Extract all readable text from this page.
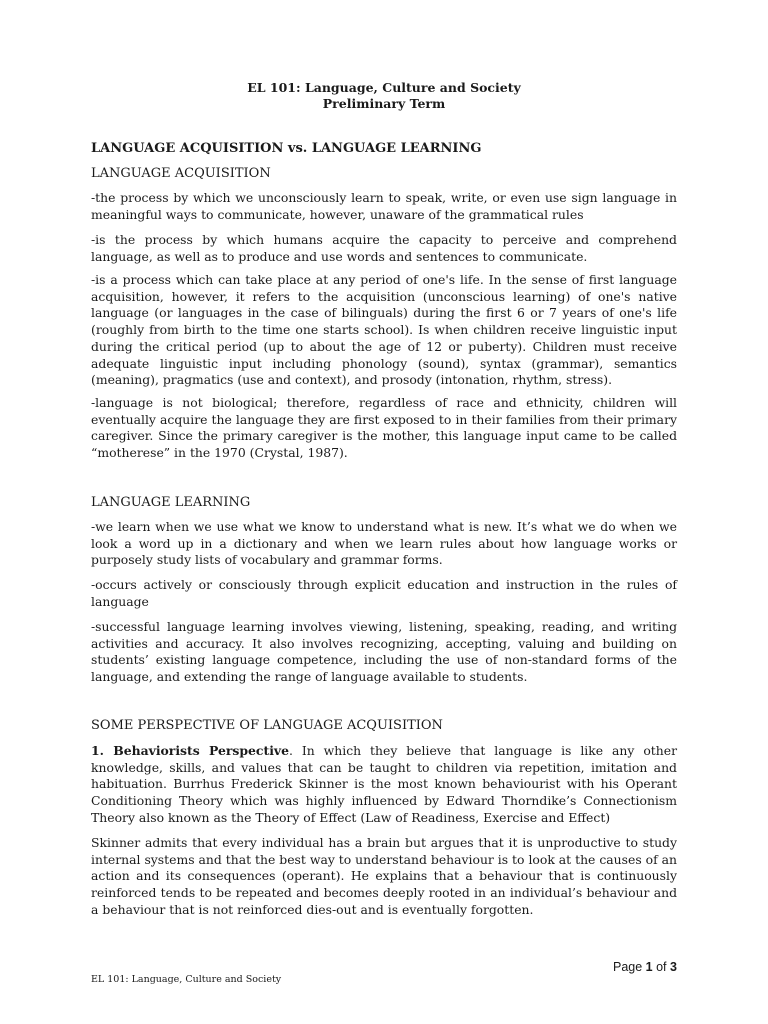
EL 101: Language, Culture and Society
Preliminary Term
LANGUAGE ACQUISITION vs. LANGUAGE LEARNING
LANGUAGE ACQUISITION

-the process by which we unconsciously learn to speak, write, or even use sign language in meaningful ways to communicate, however, unaware of the grammatical rules

-is the process by which humans acquire the capacity to perceive and comprehend language, as well as to produce and use words and sentences to communicate.

-is a process which can take place at any period of one's life. In the sense of first language acquisition, however, it refers to the acquisition (unconscious learning) of one's native language (or languages in the case of bilinguals) during the first 6 or 7 years of one's life (roughly from birth to the time one starts school). Is when children receive linguistic input during the critical period (up to about the age of 12 or puberty). Children must receive adequate linguistic input including phonology (sound), syntax (grammar), semantics (meaning), pragmatics (use and context), and prosody (intonation, rhythm, stress).

-language is not biological; therefore, regardless of race and ethnicity, children will eventually acquire the language they are first exposed to in their families from their primary caregiver. Since the primary caregiver is the mother, this language input came to be called “motherese” in the 1970 (Crystal, 1987).

LANGUAGE LEARNING

-we learn when we use what we know to understand what is new. It’s what we do when we look a word up in a dictionary and when we learn rules about how language works or purposely study lists of vocabulary and grammar forms.

-occurs actively or consciously through explicit education and instruction in the rules of language

-successful language learning involves viewing, listening, speaking, reading, and writing activities and accuracy. It also involves recognizing, accepting, valuing and building on students’ existing language competence, including the use of non-standard forms of the language, and extending the range of language available to students.

SOME PERSPECTIVE OF LANGUAGE ACQUISITION

1. Behaviorists Perspective. In which they believe that language is like any other knowledge, skills, and values that can be taught to children via repetition, imitation and habituation. Burrhus Frederick Skinner is the most known behaviourist with his Operant Conditioning Theory which was highly influenced by Edward Thorndike’s Connectionism Theory also known as the Theory of Effect (Law of Readiness, Exercise and Effect)

Skinner admits that every individual has a brain but argues that it is unproductive to study internal systems and that the best way to understand behaviour is to look at the causes of an action and its consequences (operant). He explains that a behaviour that is continuously reinforced tends to be repeated and becomes deeply rooted in an individual’s behaviour and a behaviour that is not reinforced dies-out and is eventually forgotten.

Page 1 of 3
EL 101: Language, Culture and Society
